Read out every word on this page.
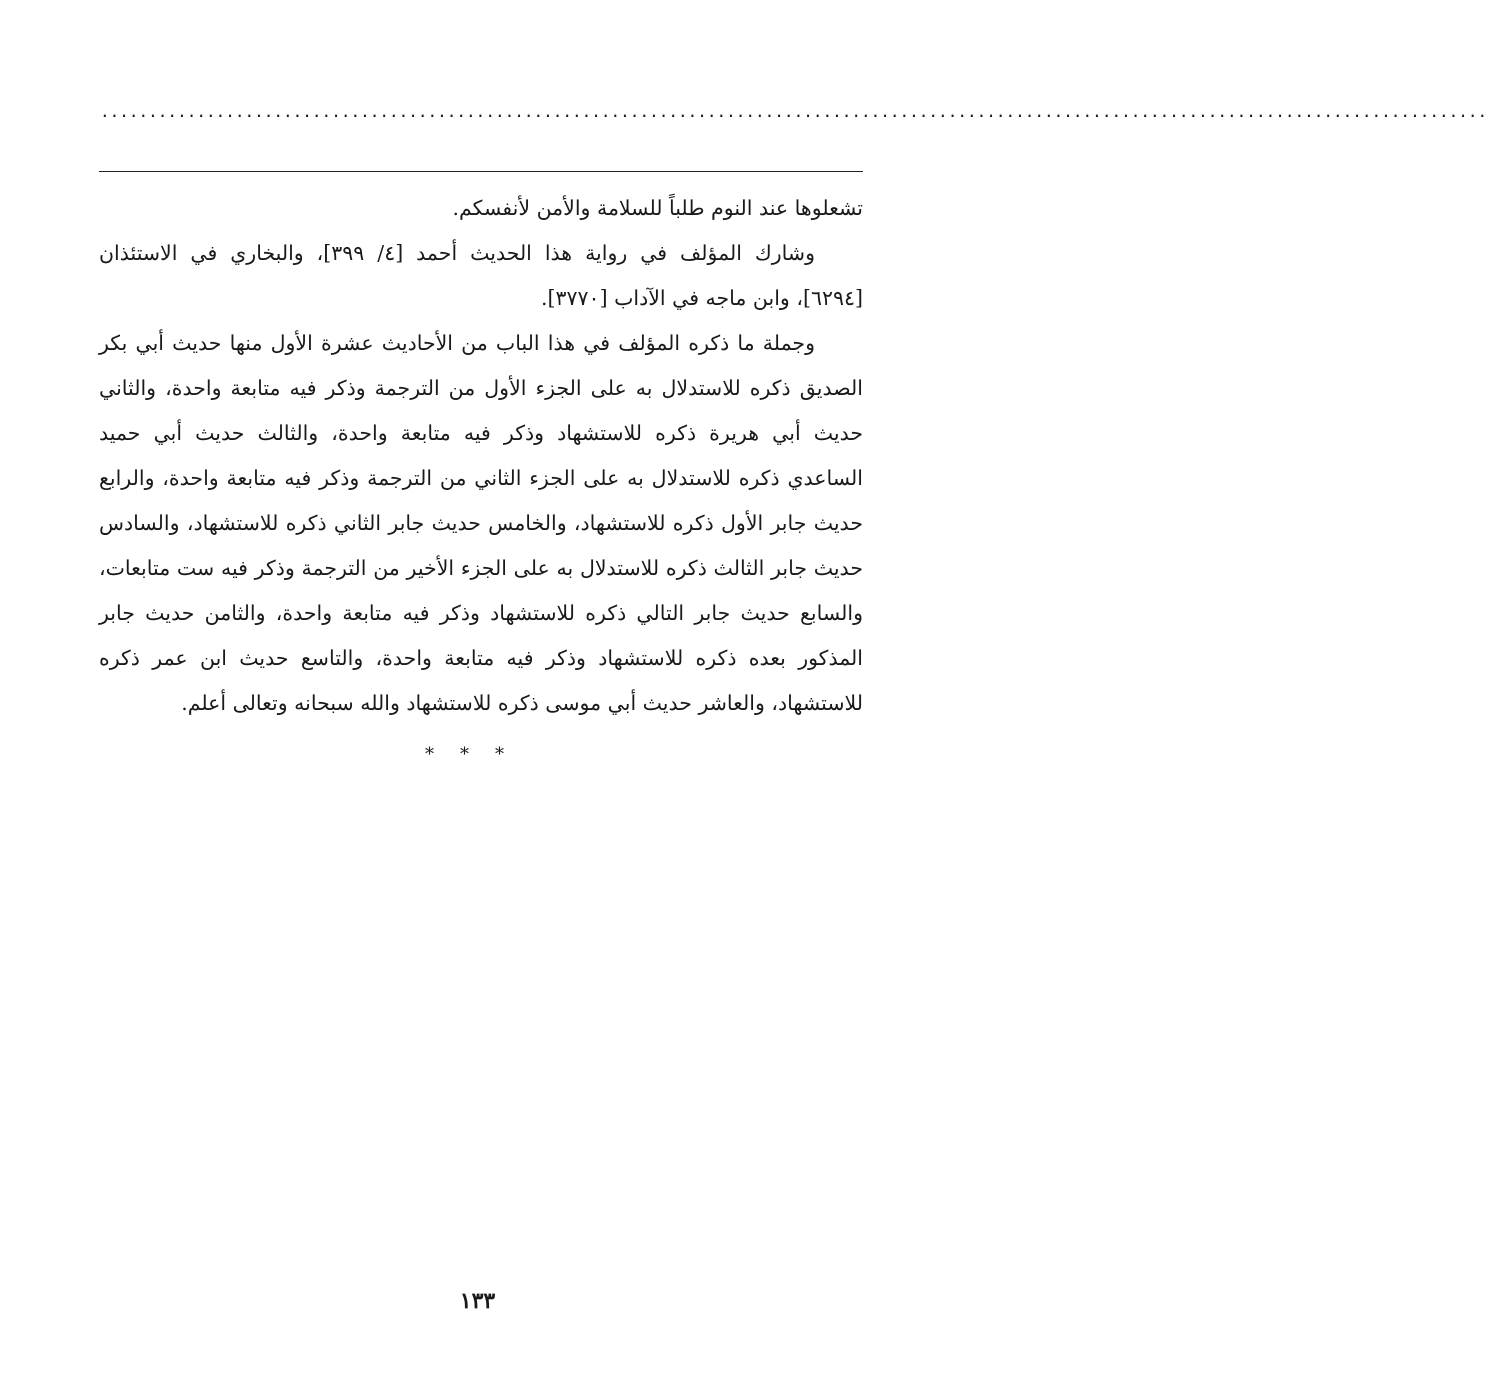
................................................................................................................................................

تشعلوها عند النوم طلباً للسلامة والأمن لأنفسكم.

وشارك المؤلف في رواية هذا الحديث أحمد [٤/ ٣٩٩]، والبخاري في الاستئذان [٦٢٩٤]، وابن ماجه في الآداب [٣٧٧٠].

وجملة ما ذكره المؤلف في هذا الباب من الأحاديث عشرة الأول منها حديث أبي بكر الصديق ذكره للاستدلال به على الجزء الأول من الترجمة وذكر فيه متابعة واحدة، والثاني حديث أبي هريرة ذكره للاستشهاد وذكر فيه متابعة واحدة، والثالث حديث أبي حميد الساعدي ذكره للاستدلال به على الجزء الثاني من الترجمة وذكر فيه متابعة واحدة، والرابع حديث جابر الأول ذكره للاستشهاد، والخامس حديث جابر الثاني ذكره للاستشهاد، والسادس حديث جابر الثالث ذكره للاستدلال به على الجزء الأخير من الترجمة وذكر فيه ست متابعات، والسابع حديث جابر التالي ذكره للاستشهاد وذكر فيه متابعة واحدة، والثامن حديث جابر المذكور بعده ذكره للاستشهاد وذكر فيه متابعة واحدة، والتاسع حديث ابن عمر ذكره للاستشهاد، والعاشر حديث أبي موسى ذكره للاستشهاد والله سبحانه وتعالى أعلم.

***
١٣٣
